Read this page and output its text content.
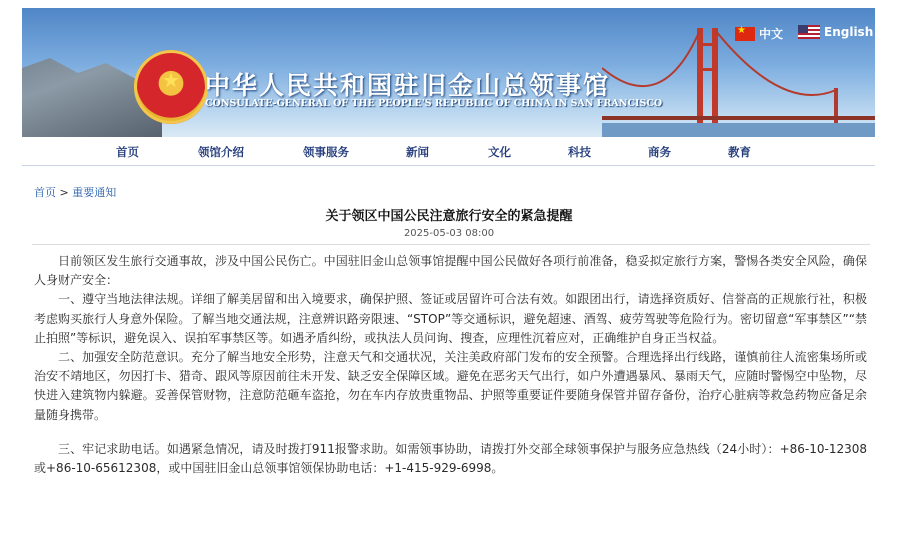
★	中华人民共和国驻旧金山总领事馆
CONSULATE-GENERAL OF THE PEOPLE'S REPUBLIC OF CHINA IN SAN FRANCISCO
★
中文	English
首页	领馆介绍	领事服务	新闻	文化	科技	商务	教育
首页 > 重要通知
关于领区中国公民注意旅行安全的紧急提醒
2025-05-03 08:00

日前领区发生旅行交通事故，涉及中国公民伤亡。中国驻旧金山总领事馆提醒中国公民做好各项行前准备，稳妥拟定旅行方案，警惕各类安全风险，确保人身财产安全：

一、遵守当地法律法规。详细了解美居留和出入境要求，确保护照、签证或居留许可合法有效。如跟团出行，请选择资质好、信誉高的正规旅行社，积极考虑购买旅行人身意外保险。了解当地交通法规，注意辨识路旁限速、“STOP”等交通标识，避免超速、酒驾、疲劳驾驶等危险行为。密切留意“军事禁区”“禁止拍照”等标识，避免误入、误拍军事禁区等。如遇矛盾纠纷，或执法人员问询、搜查，应理性沉着应对，正确维护自身正当权益。

二、加强安全防范意识。充分了解当地安全形势，注意天气和交通状况，关注美政府部门发布的安全预警。合理选择出行线路，谨慎前往人流密集场所或治安不靖地区，勿因打卡、猎奇、跟风等原因前往未开发、缺乏安全保障区域。避免在恶劣天气出行，如户外遭遇暴风、暴雨天气，应随时警惕空中坠物，尽快进入建筑物内躲避。妥善保管财物，注意防范砸车盗抢，勿在车内存放贵重物品、护照等重要证件要随身保管并留存备份，治疗心脏病等救急药物应备足余量随身携带。

三、牢记求助电话。如遇紧急情况，请及时拨打911报警求助。如需领事协助，请拨打外交部全球领事保护与服务应急热线（24小时）：+86-10-12308或+86-10-65612308，或中国驻旧金山总领事馆领保协助电话：+1-415-929-6998。
